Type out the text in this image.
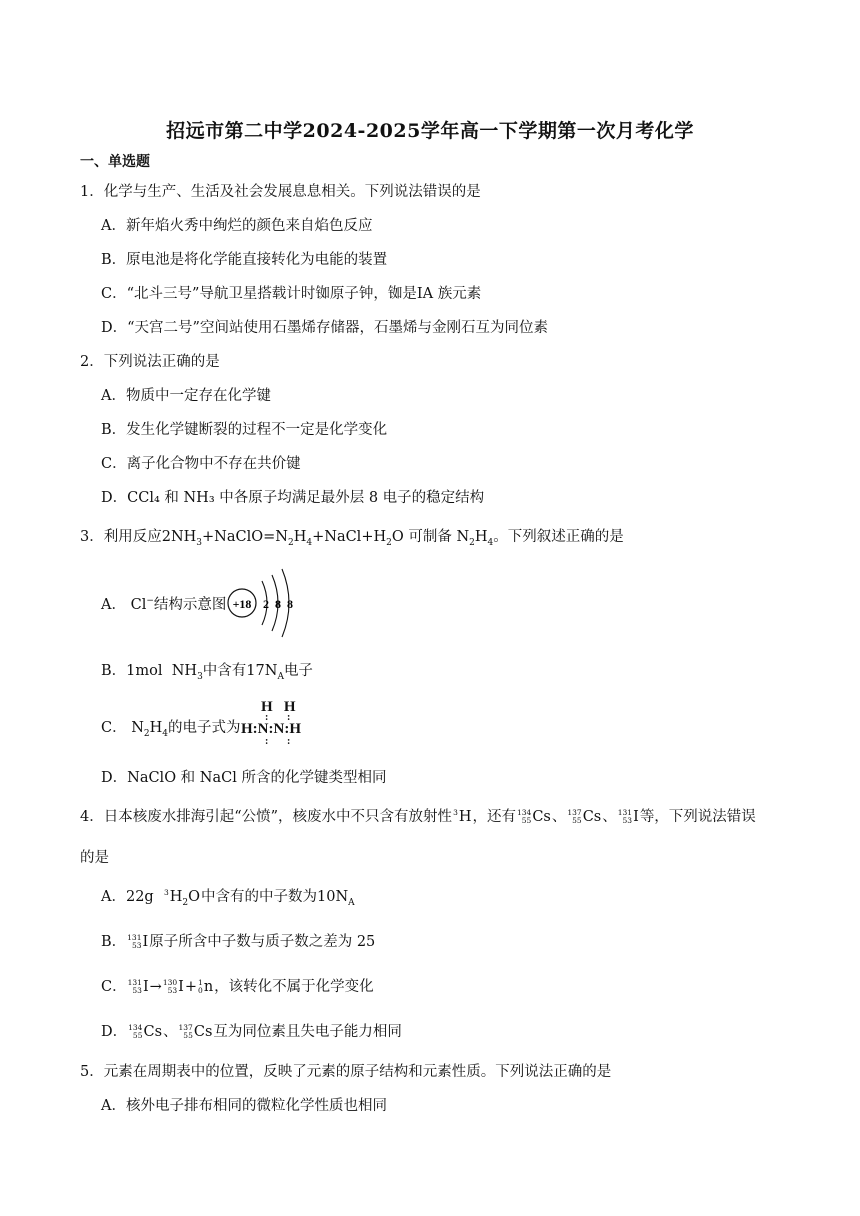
招远市第二中学2024-2025学年高一下学期第一次月考化学
一、单选题
1．化学与生产、生活及社会发展息息相关。下列说法错误的是
A．新年焰火秀中绚烂的颜色来自焰色反应
B．原电池是将化学能直接转化为电能的装置
C．“北斗三号”导航卫星搭载计时铷原子钟，铷是ⅠA 族元素
D．“天宫二号”空间站使用石墨烯存储器，石墨烯与金刚石互为同位素
2．下列说法正确的是
A．物质中一定存在化学键
B．发生化学键断裂的过程不一定是化学变化
C．离子化合物中不存在共价键
D．CCl₄ 和 NH₃ 中各原子均满足最外层 8 电子的稳定结构
3．利用反应$2NH_3+NaClO=N_2H_4+NaCl+H_2O$ 可制备 $N_2H_4$。下列叙述正确的是
A． Cl−结构示意图 +18 2 8 8
B．1mol  $NH_3$中含有$17N_A$电子
C． $N_2H_4$的电子式为
H   H
: :
H:N:N:H
: :
D．NaClO 和 NaCl 所含的化学键类型相同
4．日本核废水排海引起“公愤”，核废水中不只含有放射性 3
H ，还有 134
55 Cs 、 137
55 Cs 、 131
53 I 等，下列说法错误
的是
A．22g 3
$H_2O$ 中含有的中子数为$10N_A$
B． 131
53 I 原子所含中子数与质子数之差为 25
C． 131
53 I → 130
53 I + 1
0 n ，该转化不属于化学变化
D． 134
55 Cs 、 137
55 Cs 互为同位素且失电子能力相同
5．元素在周期表中的位置，反映了元素的原子结构和元素性质。下列说法正确的是
A．核外电子排布相同的微粒化学性质也相同
